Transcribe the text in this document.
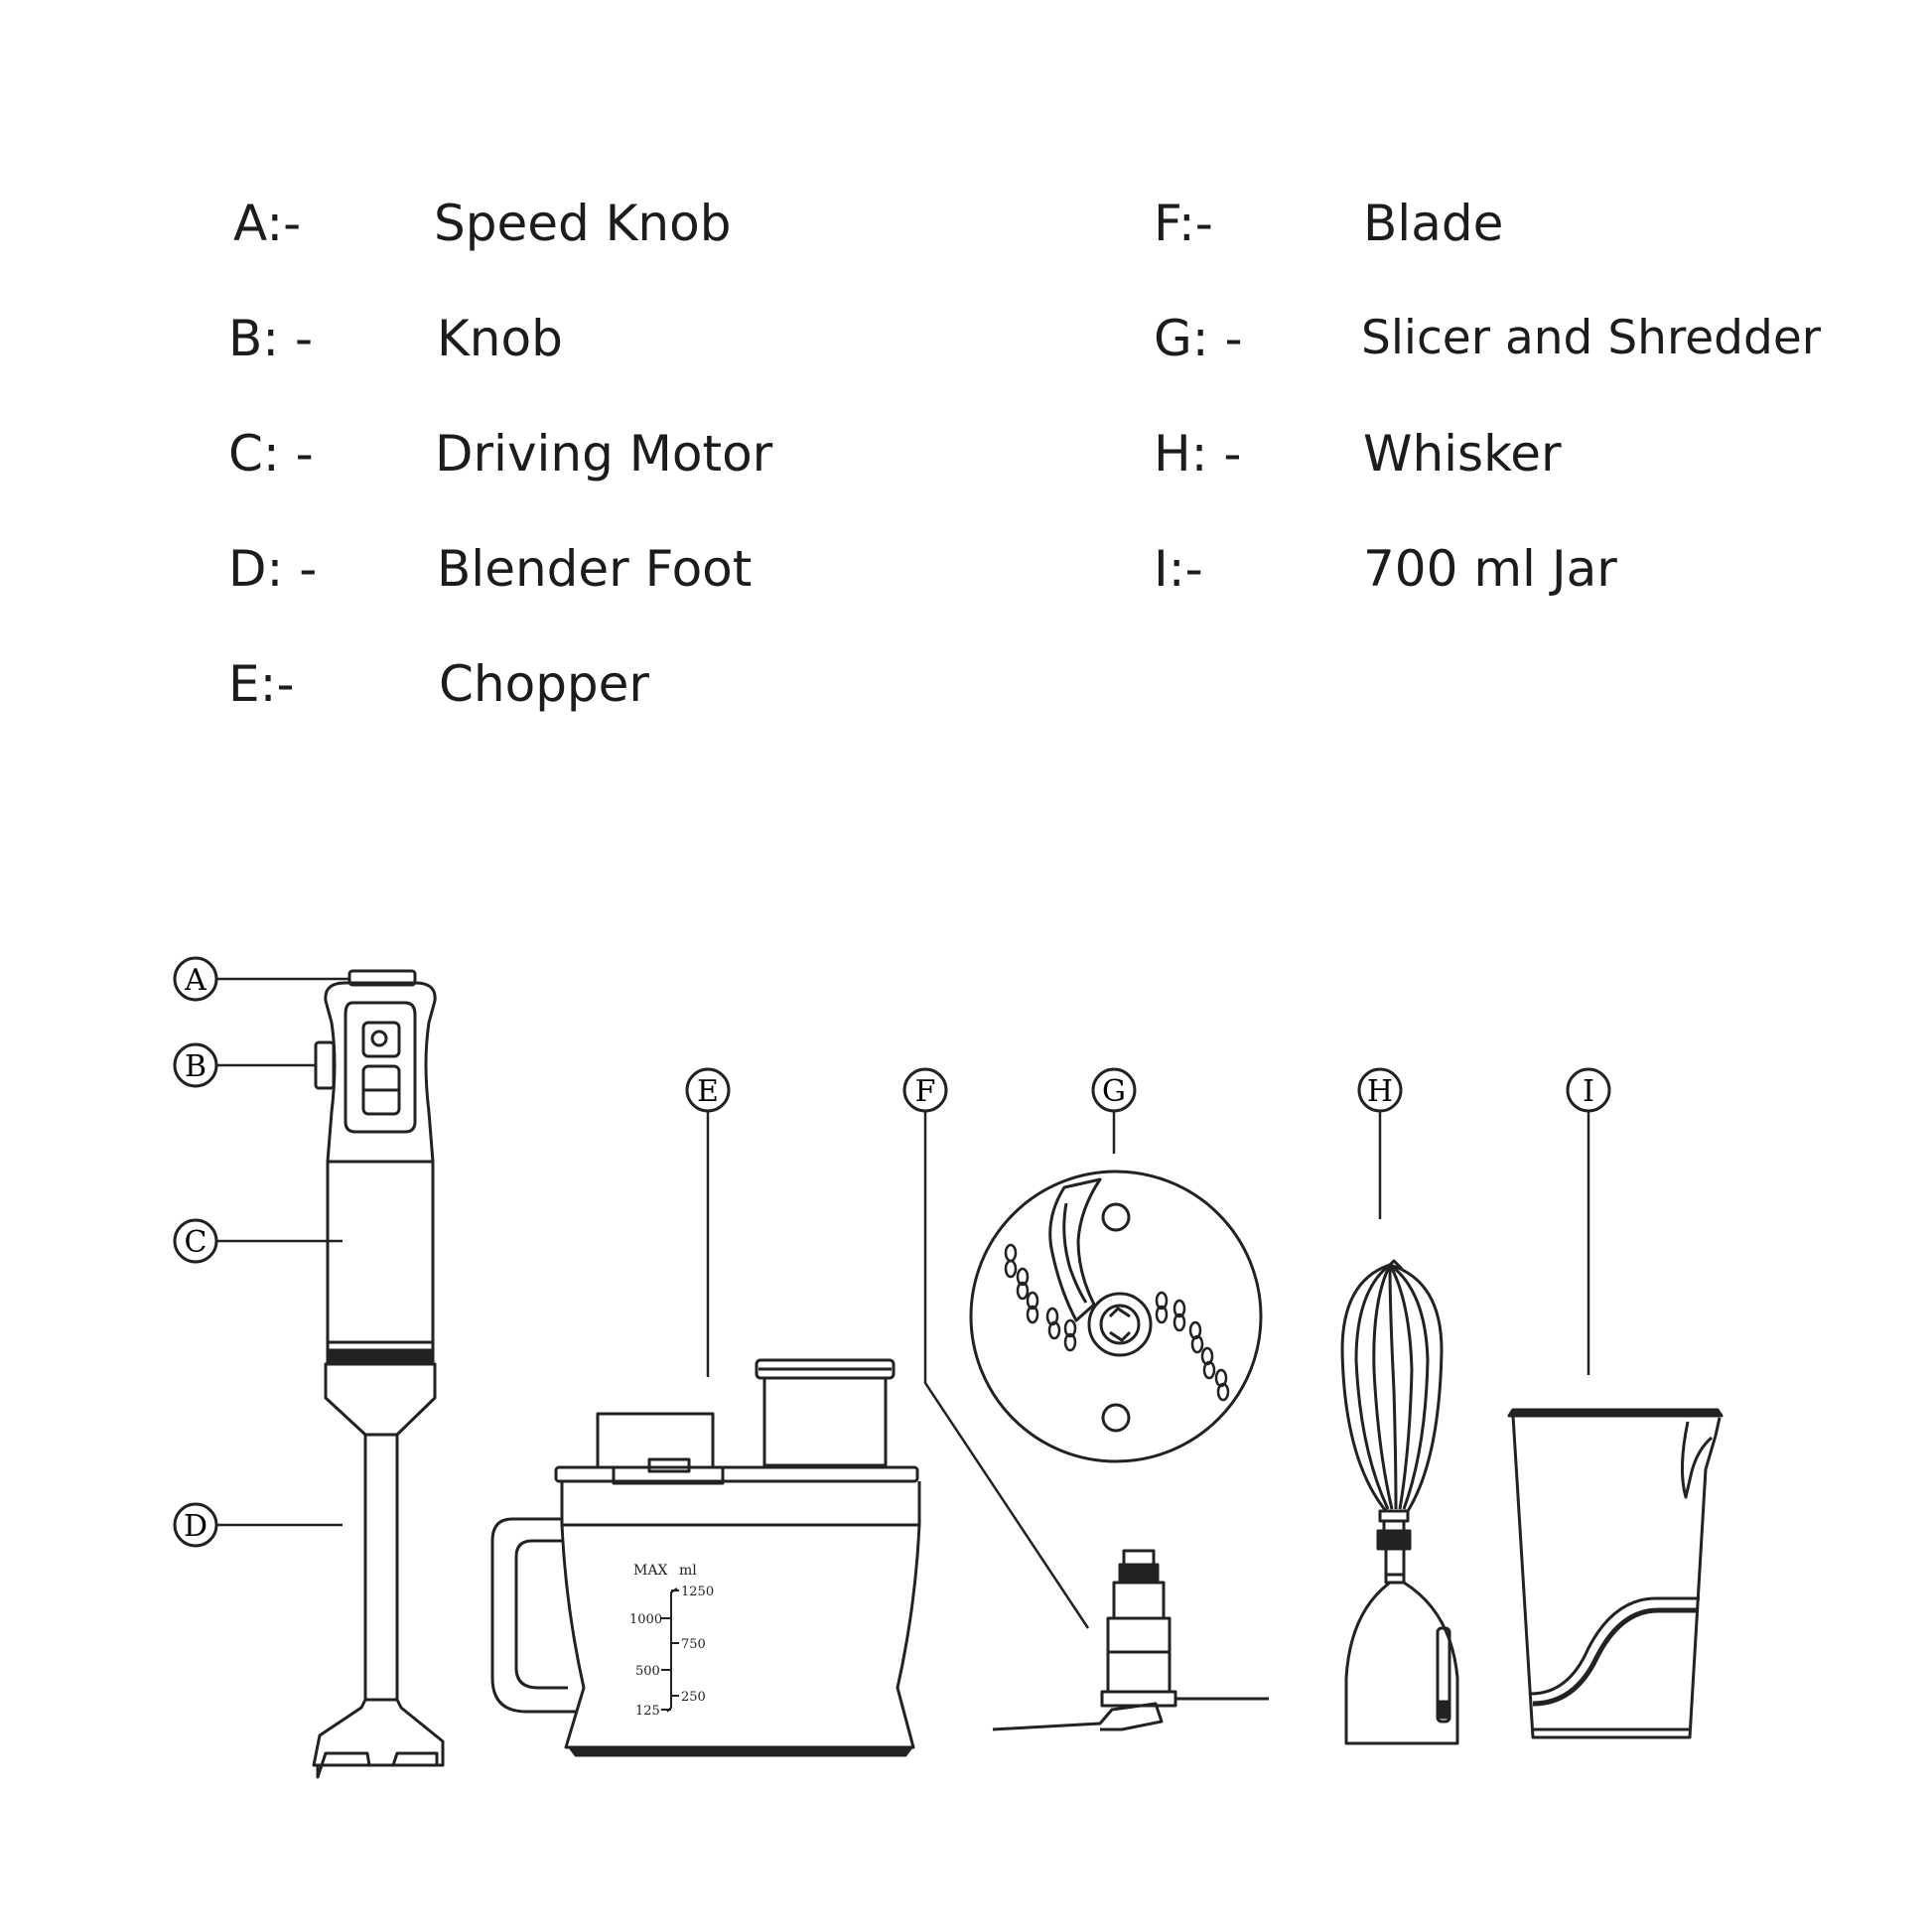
A:-	Speed Knob
B: - Knob
C: - Driving Motor
D: - Blender Foot
E:-	Chopper
F:-	Blade
G: -	Slicer and Shredder
H: - Whisker
I:-	700 ml Jar
A
B
C
D
E	F	G	H	I
MAX ml
1250
750
250
1000
500
125
